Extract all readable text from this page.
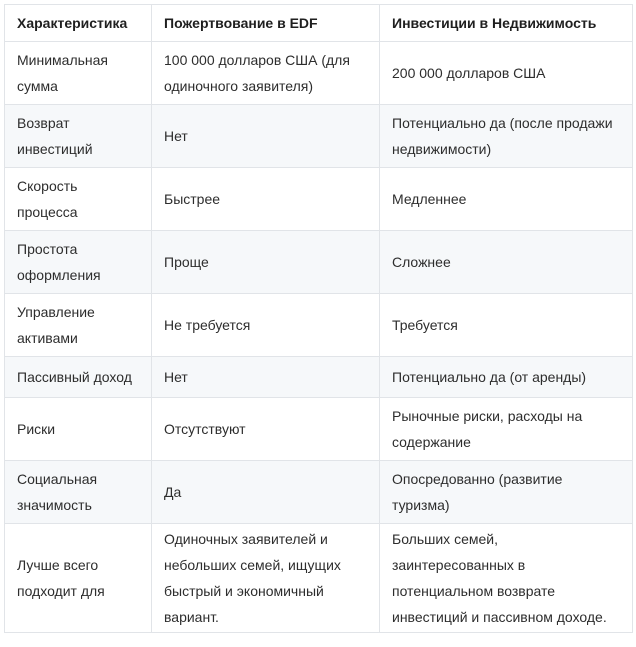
Характеристика	Пожертвование в EDF	Инвестиции в Недвижимость
Минимальная сумма	100 000 долларов США (для одиночного заявителя)	200 000 долларов США
Возврат инвестиций	Нет	Потенциально да (после продажи недвижимости)
Скорость процесса	Быстрее	Медленнее
Простота оформления	Проще	Сложнее
Управление активами	Не требуется	Требуется
Пассивный доход	Нет	Потенциально да (от аренды)
Риски	Отсутствуют	Рыночные риски, расходы на содержание
Социальная значимость	Да	Опосредованно (развитие туризма)
Лучше всего подходит для	Одиночных заявителей и небольших семей, ищущих быстрый и экономичный вариант.	Больших семей, заинтересованных в потенциальном возврате инвестиций и пассивном доходе.
